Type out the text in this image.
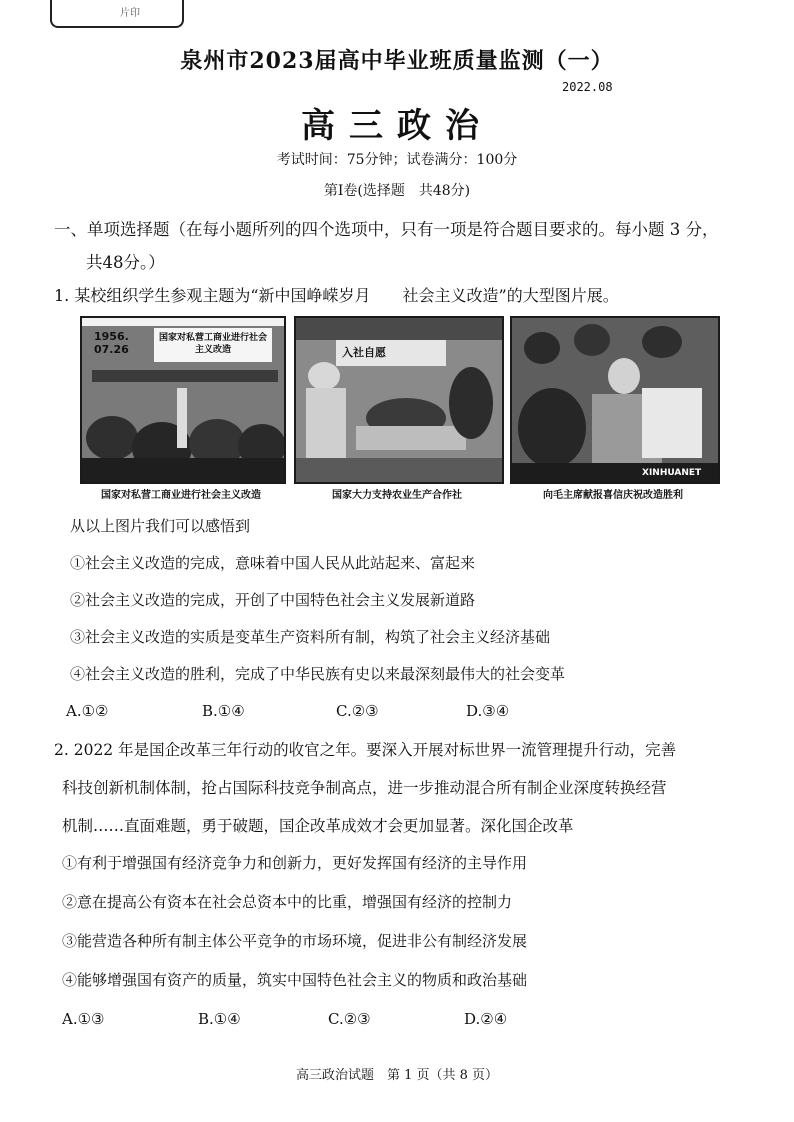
片印
泉州市2023届高中毕业班质量监测（一）
2022.08
高三政治
考试时间：75分钟；试卷满分：100分
第Ⅰ卷(选择题　共48分)
一、单项选择题（在每小题所列的四个选项中，只有一项是符合题目要求的。每小题 3 分，
共48分。）
1. 某校组织学生参观主题为“新中国峥嵘岁月　　社会主义改造”的大型图片展。
1956.
07.26
国家对私营工商业进行社会主义改造	入社自愿
XINHUANET
国家对私营工商业进行社会主义改造	国家大力支持农业生产合作社	向毛主席献报喜信庆祝改造胜利
从以上图片我们可以感悟到
①社会主义改造的完成，意味着中国人民从此站起来、富起来
②社会主义改造的完成，开创了中国特色社会主义发展新道路
③社会主义改造的实质是变革生产资料所有制，构筑了社会主义经济基础
④社会主义改造的胜利，完成了中华民族有史以来最深刻最伟大的社会变革
A.①②	B.①④	C.②③	D.③④
2. 2022 年是国企改革三年行动的收官之年。要深入开展对标世界一流管理提升行动，完善
科技创新机制体制，抢占国际科技竞争制高点，进一步推动混合所有制企业深度转换经营
机制……直面难题，勇于破题，国企改革成效才会更加显著。深化国企改革
①有利于增强国有经济竞争力和创新力，更好发挥国有经济的主导作用
②意在提高公有资本在社会总资本中的比重，增强国有经济的控制力
③能营造各种所有制主体公平竞争的市场环境，促进非公有制经济发展
④能够增强国有资产的质量，筑实中国特色社会主义的物质和政治基础
A.①③	B.①④	C.②③	D.②④
高三政治试题　第 1 页（共 8 页）
